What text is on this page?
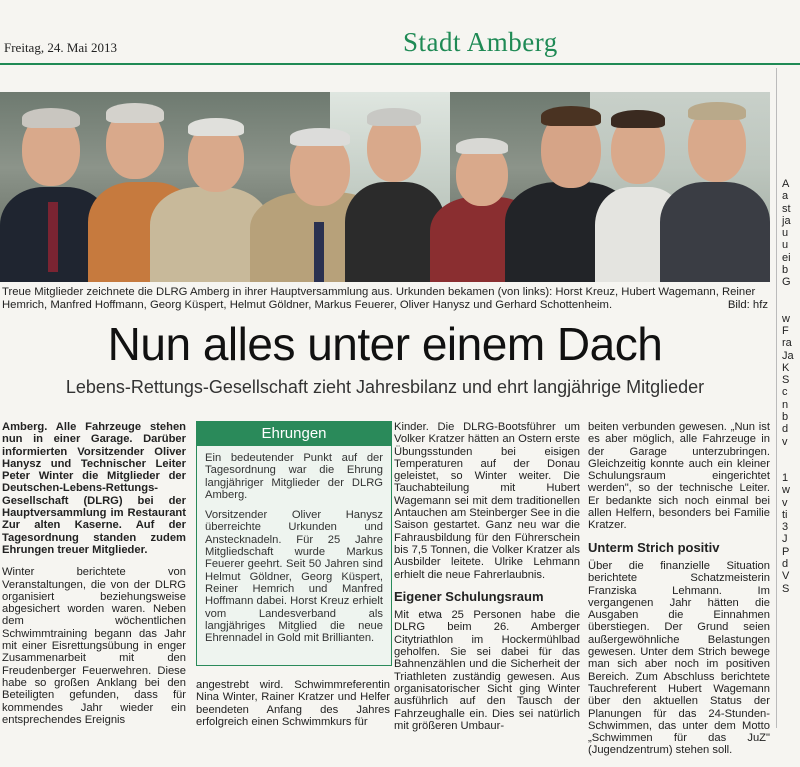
Freitag, 24. Mai 2013	Stadt Amberg
Treue Mitglieder zeichnete die DLRG Amberg in ihrer Hauptversammlung aus. Urkunden bekamen (von links): Horst Kreuz, Hubert Wagemann, Reiner Hemrich, Manfred Hoffmann, Georg Küspert, Helmut Göldner, Markus Feuerer, Oliver Hanysz und Gerhard Schottenheim.	Bild: hfz
Nun alles unter einem Dach
Lebens-Rettungs-Gesellschaft zieht Jahresbilanz und ehrt langjährige Mitglieder

Amberg. Alle Fahrzeuge stehen nun in einer Garage. Darüber informierten Vorsitzender Oliver Hanysz und Technischer Leiter Peter Winter die Mitglieder der Deutschen-Lebens-Rettungs-Gesellschaft (DLRG) bei der Hauptversammlung im Restaurant Zur alten Kaserne. Auf der Tagesordnung standen zudem Ehrungen treuer Mitglieder.

Winter berichtete von Veranstaltungen, die von der DLRG organisiert beziehungsweise abgesichert worden waren. Neben dem wöchentlichen Schwimmtraining begann das Jahr mit einer Eisrettungsübung in enger Zusammenarbeit mit den Freudenberger Feuerwehren. Diese habe so großen Anklang bei den Beteiligten gefunden, dass für kommendes Jahr wieder ein entsprechendes Ereignis

Ehrungen

Ein bedeutender Punkt auf der Tagesordnung war die Ehrung langjähriger Mitglieder der DLRG Amberg.

Vorsitzender Oliver Hanysz überreichte Urkunden und Anstecknadeln. Für 25 Jahre Mitgliedschaft wurde Markus Feuerer geehrt. Seit 50 Jahren sind Helmut Göldner, Georg Küspert, Reiner Hemrich und Manfred Hoffmann dabei. Horst Kreuz erhielt vom Landesverband als langjähriges Mitglied die neue Ehrennadel in Gold mit Brillianten.

angestrebt wird. Schwimmreferentin Nina Winter, Rainer Kratzer und Helfer beendeten Anfang des Jahres erfolgreich einen Schwimmkurs für

Kinder. Die DLRG-Bootsführer um Volker Kratzer hätten an Ostern erste Übungsstunden bei eisigen Temperaturen auf der Donau geleistet, so Winter weiter. Die Tauchabteilung mit Hubert Wagemann sei mit dem traditionellen Antauchen am Steinberger See in die Saison gestartet. Ganz neu war die Fahrausbildung für den Führerschein bis 7,5 Tonnen, die Volker Kratzer als Ausbilder leitete. Ulrike Lehmann erhielt die neue Fahrerlaubnis.

Eigener Schulungsraum

Mit etwa 25 Personen habe die DLRG beim 26. Amberger Citytriathlon im Hockermühlbad geholfen. Sie sei dabei für das Bahnenzählen und die Sicherheit der Triathleten zuständig gewesen. Aus organisatorischer Sicht ging Winter ausführlich auf den Tausch der Fahrzeughalle ein. Dies sei natürlich mit größeren Umbaur-

beiten verbunden gewesen. „Nun ist es aber möglich, alle Fahrzeuge in der Garage unterzubringen. Gleichzeitig konnte auch ein kleiner Schulungsraum eingerichtet werden", so der technische Leiter. Er bedankte sich noch einmal bei allen Helfern, besonders bei Familie Kratzer.

Unterm Strich positiv

Über die finanzielle Situation berichtete Schatzmeisterin Franziska Lehmann. Im vergangenen Jahr hätten die Ausgaben die Einnahmen überstiegen. Der Grund seien außergewöhnliche Belastungen gewesen. Unter dem Strich bewege man sich aber noch im positiven Bereich. Zum Abschluss berichtete Tauchreferent Hubert Wagemann über den aktuellen Status der Planungen für das 24-Stunden-Schwimmen, das unter dem Motto „Schwimmen für das JuZ" (Jugendzentrum) stehen soll.

A
a
st
ja
u
u
ei
b
G
w
F
ra
Ja
K
S
c
n
b
d
v
1
w
v
ti
3
J
P
d
V
S
